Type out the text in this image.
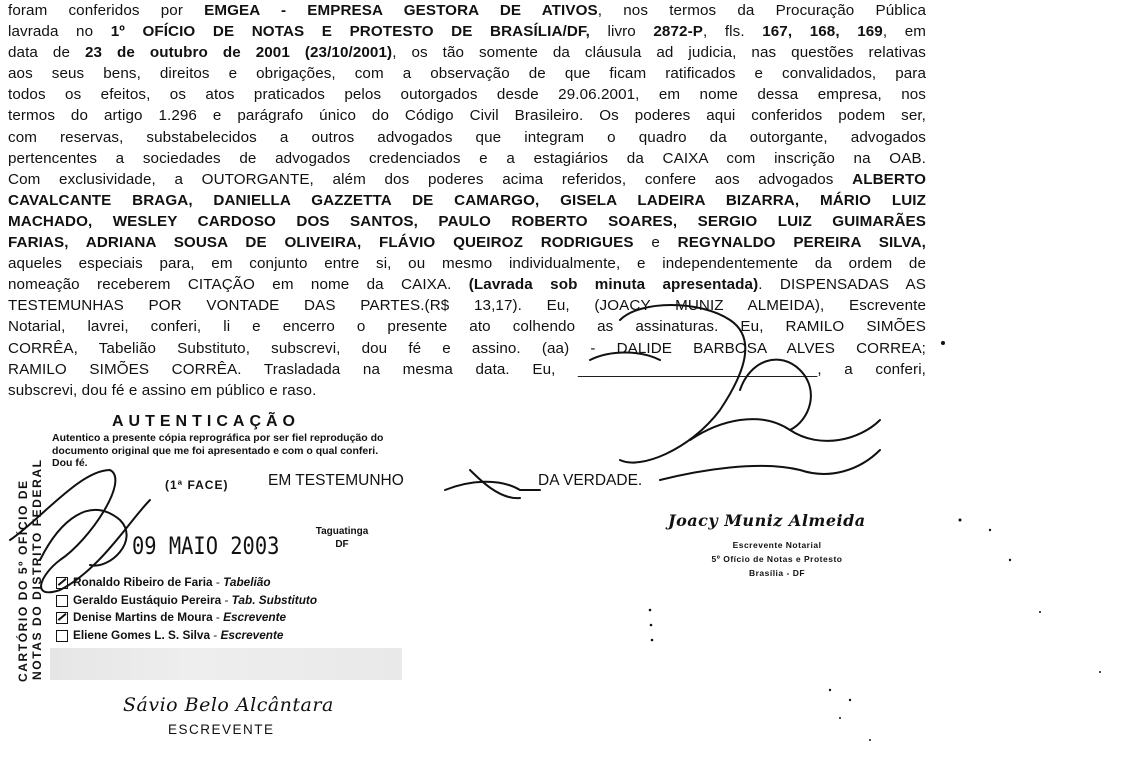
foram conferidos por EMGEA - EMPRESA GESTORA DE ATIVOS, nos termos da Procuração Pública
lavrada no 1º OFÍCIO DE NOTAS E PROTESTO DE BRASÍLIA/DF, livro 2872-P, fls. 167, 168, 169, em
data de 23 de outubro de 2001 (23/10/2001), os tão somente da cláusula ad judicia, nas questões relativas
aos seus bens, direitos e obrigações, com a observação de que ficam ratificados e convalidados, para
todos os efeitos, os atos praticados pelos outorgados desde 29.06.2001, em nome dessa empresa, nos
termos do artigo 1.296 e parágrafo único do Código Civil Brasileiro. Os poderes aqui conferidos podem ser,
com reservas, substabelecidos a outros advogados que integram o quadro da outorgante, advogados
pertencentes a sociedades de advogados credenciados e a estagiários da CAIXA com inscrição na OAB.
Com exclusividade, a OUTORGANTE, além dos poderes acima referidos, confere aos advogados ALBERTO
CAVALCANTE BRAGA, DANIELLA GAZZETTA DE CAMARGO, GISELA LADEIRA BIZARRA, MÁRIO LUIZ
MACHADO, WESLEY CARDOSO DOS SANTOS, PAULO ROBERTO SOARES, SERGIO LUIZ GUIMARÃES
FARIAS, ADRIANA SOUSA DE OLIVEIRA, FLÁVIO QUEIROZ RODRIGUES e REGYNALDO PEREIRA SILVA,
aqueles especiais para, em conjunto entre si, ou mesmo individualmente, e independentemente da ordem de
nomeação receberem CITAÇÃO em nome da CAIXA. (Lavrada sob minuta apresentada). DISPENSADAS AS
TESTEMUNHAS POR VONTADE DAS PARTES.(R$ 13,17). Eu, (JOACY MUNIZ ALMEIDA), Escrevente
Notarial, lavrei, conferi, li e encerro o presente ato colhendo as assinaturas. Eu, RAMILO SIMÕES
CORRÊA, Tabelião Substituto, subscrevi, dou fé e assino. (aa) - DALIDE BARBOSA ALVES CORREA;
RAMILO SIMÕES CORRÊA. Trasladada na mesma data. Eu, ____________________________, a conferi,
subscrevi, dou fé e assino em público e raso.
CARTÓRIO DO 5º OFÍCIO DE NOTAS DO DISTRITO FEDERAL
AUTENTICAÇÃO
Autentico a presente cópia reprográfica por ser fiel reprodução do documento original que me foi apresentado e com o qual conferi. Dou fé.
(1ª FACE)	EM TESTEMUNHO	DA VERDADE.
09 MAIO 2003
Taguatinga
DF
Ronaldo Ribeiro de Faria - Tabelião
Geraldo Eustáquio Pereira - Tab. Substituto
Denise Martins de Moura - Escrevente
Eliene Gomes L. S. Silva - Escrevente
Sávio Belo Alcântara
ESCREVENTE
Joacy Muniz Almeida
Escrevente Notarial
5º Ofício de Notas e Protesto
Brasília - DF
